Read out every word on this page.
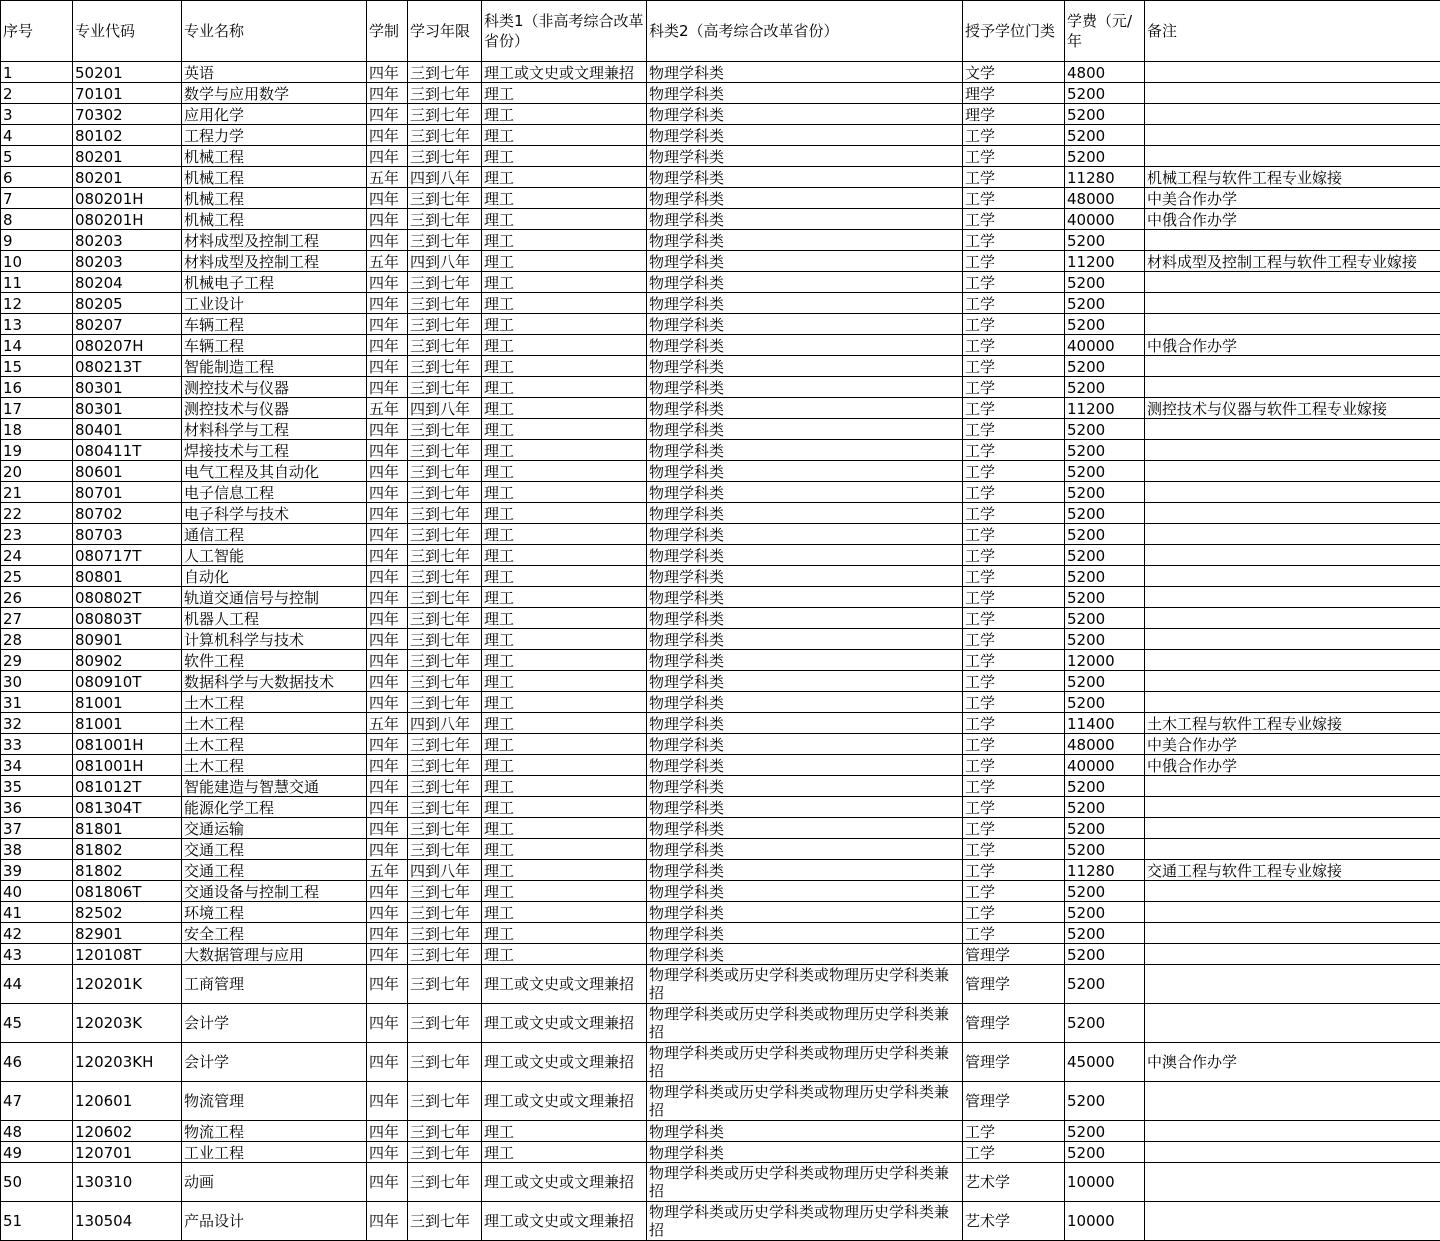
序号	专业代码	专业名称	学制	学习年限	科类1（非高考综合改革省份）	科类2（高考综合改革省份）	授予学位门类	学费（元/年	备注
1	50201	英语	四年	三到七年	理工或文史或文理兼招	物理学科类	文学	4800	
2	70101	数学与应用数学	四年	三到七年	理工	物理学科类	理学	5200	
3	70302	应用化学	四年	三到七年	理工	物理学科类	理学	5200	
4	80102	工程力学	四年	三到七年	理工	物理学科类	工学	5200	
5	80201	机械工程	四年	三到七年	理工	物理学科类	工学	5200	
6	80201	机械工程	五年	四到八年	理工	物理学科类	工学	11280	机械工程与软件工程专业嫁接
7	080201H	机械工程	四年	三到七年	理工	物理学科类	工学	48000	中美合作办学
8	080201H	机械工程	四年	三到七年	理工	物理学科类	工学	40000	中俄合作办学
9	80203	材料成型及控制工程	四年	三到七年	理工	物理学科类	工学	5200	
10	80203	材料成型及控制工程	五年	四到八年	理工	物理学科类	工学	11200	材料成型及控制工程与软件工程专业嫁接
11	80204	机械电子工程	四年	三到七年	理工	物理学科类	工学	5200	
12	80205	工业设计	四年	三到七年	理工	物理学科类	工学	5200	
13	80207	车辆工程	四年	三到七年	理工	物理学科类	工学	5200	
14	080207H	车辆工程	四年	三到七年	理工	物理学科类	工学	40000	中俄合作办学
15	080213T	智能制造工程	四年	三到七年	理工	物理学科类	工学	5200	
16	80301	测控技术与仪器	四年	三到七年	理工	物理学科类	工学	5200	
17	80301	测控技术与仪器	五年	四到八年	理工	物理学科类	工学	11200	测控技术与仪器与软件工程专业嫁接
18	80401	材料科学与工程	四年	三到七年	理工	物理学科类	工学	5200	
19	080411T	焊接技术与工程	四年	三到七年	理工	物理学科类	工学	5200	
20	80601	电气工程及其自动化	四年	三到七年	理工	物理学科类	工学	5200	
21	80701	电子信息工程	四年	三到七年	理工	物理学科类	工学	5200	
22	80702	电子科学与技术	四年	三到七年	理工	物理学科类	工学	5200	
23	80703	通信工程	四年	三到七年	理工	物理学科类	工学	5200	
24	080717T	人工智能	四年	三到七年	理工	物理学科类	工学	5200	
25	80801	自动化	四年	三到七年	理工	物理学科类	工学	5200	
26	080802T	轨道交通信号与控制	四年	三到七年	理工	物理学科类	工学	5200	
27	080803T	机器人工程	四年	三到七年	理工	物理学科类	工学	5200	
28	80901	计算机科学与技术	四年	三到七年	理工	物理学科类	工学	5200	
29	80902	软件工程	四年	三到七年	理工	物理学科类	工学	12000	
30	080910T	数据科学与大数据技术	四年	三到七年	理工	物理学科类	工学	5200	
31	81001	土木工程	四年	三到七年	理工	物理学科类	工学	5200	
32	81001	土木工程	五年	四到八年	理工	物理学科类	工学	11400	土木工程与软件工程专业嫁接
33	081001H	土木工程	四年	三到七年	理工	物理学科类	工学	48000	中美合作办学
34	081001H	土木工程	四年	三到七年	理工	物理学科类	工学	40000	中俄合作办学
35	081012T	智能建造与智慧交通	四年	三到七年	理工	物理学科类	工学	5200	
36	081304T	能源化学工程	四年	三到七年	理工	物理学科类	工学	5200	
37	81801	交通运输	四年	三到七年	理工	物理学科类	工学	5200	
38	81802	交通工程	四年	三到七年	理工	物理学科类	工学	5200	
39	81802	交通工程	五年	四到八年	理工	物理学科类	工学	11280	交通工程与软件工程专业嫁接
40	081806T	交通设备与控制工程	四年	三到七年	理工	物理学科类	工学	5200	
41	82502	环境工程	四年	三到七年	理工	物理学科类	工学	5200	
42	82901	安全工程	四年	三到七年	理工	物理学科类	工学	5200	
43	120108T	大数据管理与应用	四年	三到七年	理工	物理学科类	管理学	5200	
44	120201K	工商管理	四年	三到七年	理工或文史或文理兼招	物理学科类或历史学科类或物理历史学科类兼招	管理学	5200	
45	120203K	会计学	四年	三到七年	理工或文史或文理兼招	物理学科类或历史学科类或物理历史学科类兼招	管理学	5200	
46	120203KH	会计学	四年	三到七年	理工或文史或文理兼招	物理学科类或历史学科类或物理历史学科类兼招	管理学	45000	中澳合作办学
47	120601	物流管理	四年	三到七年	理工或文史或文理兼招	物理学科类或历史学科类或物理历史学科类兼招	管理学	5200	
48	120602	物流工程	四年	三到七年	理工	物理学科类	工学	5200	
49	120701	工业工程	四年	三到七年	理工	物理学科类	工学	5200	
50	130310	动画	四年	三到七年	理工或文史或文理兼招	物理学科类或历史学科类或物理历史学科类兼招	艺术学	10000	
51	130504	产品设计	四年	三到七年	理工或文史或文理兼招	物理学科类或历史学科类或物理历史学科类兼招	艺术学	10000	
